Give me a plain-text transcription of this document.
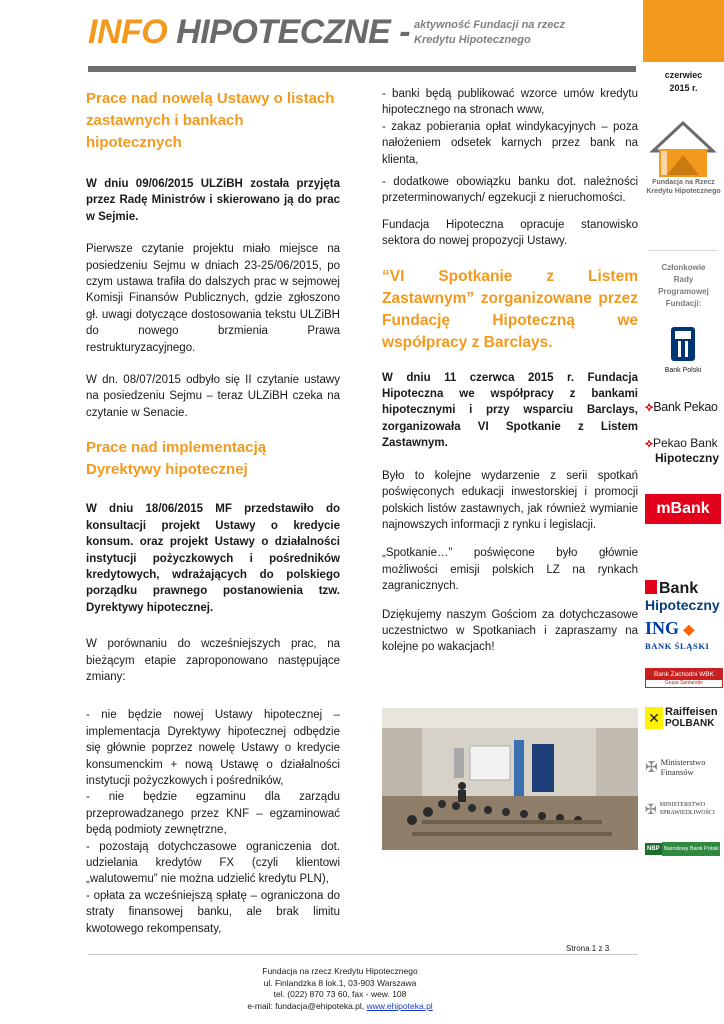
czerwiec
2015 r.
Fundacja na Rzecz
Kredytu Hipotecznego
Członkowie
Rady
Programowej
Fundacji:
Bank Polski
⟡Bank Pekao
⟡Pekao Bank
Hipoteczny
mBank
Bank
Hipoteczny
ING ◆
BANK ŚLĄSKI
Bank Zachodni WBK
Grupa Santander
✕ Raiffeisen
POLBANK
✠ Ministerstwo
Finansów
✠ MINISTERSTWO
SPRAWIEDLIWOŚCI
NBP Narodowy Bank Polski
INFO HIPOTECZNE - aktywność Fundacji na rzecz
Kredytu Hipotecznego

Prace nad nowelą Ustawy o listach zastawnych i bankach hipotecznych

W dniu 09/06/2015 ULZiBH została przyjęta przez Radę Ministrów i skierowano ją do prac w Sejmie.

Pierwsze czytanie projektu miało miejsce na posiedzeniu Sejmu w dniach 23-25/06/2015, po czym ustawa trafiła do dalszych prac w sejmowej Komisji Finansów Publicznych, gdzie zgłoszono gł. uwagi dotyczące dostosowania tekstu ULZiBH do nowego brzmienia Prawa restrukturyzacyjnego.

W dn. 08/07/2015 odbyło się II czytanie ustawy na posiedzeniu Sejmu – teraz ULZiBH czeka na czytanie w Senacie.

Prace nad implementacją Dyrektywy hipotecznej

W dniu 18/06/2015 MF przedstawiło do konsultacji projekt Ustawy o kredycie konsum. oraz projekt Ustawy o działalności instytucji pożyczkowych i pośredników kredytowych, wdrażających do polskiego porządku prawnego postanowienia tzw. Dyrektywy hipotecznej.

W porównaniu do wcześniejszych prac, na bieżącym etapie zaproponowano następujące zmiany:

- nie będzie nowej Ustawy hipotecznej – implementacja Dyrektywy hipotecznej odbędzie się głównie poprzez nowelę Ustawy o kredycie konsumenckim + nową Ustawę o działalności instytucji pożyczkowych i pośredników,

- nie będzie egzaminu dla zarządu przeprowadzanego przez KNF – egzaminować będą podmioty zewnętrzne,

- pozostają dotychczasowe ograniczenia dot. udzielania kredytów FX (czyli klientowi „walutowemu” nie można udzielić kredytu PLN),

- opłata za wcześniejszą spłatę – ograniczona do straty finansowej banku, ale brak limitu kwotowego rekompensaty,

- banki będą publikować wzorce umów kredytu hipotecznego na stronach www,

- zakaz pobierania opłat windykacyjnych – poza nałożeniem odsetek karnych przez bank na klienta,

- dodatkowe obowiązku banku dot. należności przeterminowanych/ egzekucji z nieruchomości.

Fundacja Hipoteczna opracuje stanowisko sektora do nowej propozycji Ustawy.

“VI Spotkanie z Listem Zastawnym” zorganizowane przez Fundację Hipoteczną we współpracy z Barclays.

W dniu 11 czerwca 2015 r. Fundacja Hipoteczna we współpracy z bankami hipotecznymi i przy wsparciu Barclays, zorganizowała VI Spotkanie z Listem Zastawnym.

Było to kolejne wydarzenie z serii spotkań poświęconych edukacji inwestorskiej i promocji polskich listów zastawnych, jak również wymianie najnowszych informacji z rynku i legislacji.

„Spotkanie…” poświęcone było głównie możliwości emisji polskich LZ na rynkach zagranicznych.

Dziękujemy naszym Gościom za dotychczasowe uczestnictwo w Spotkaniach i zapraszamy na kolejne po wakacjach!

Strona 1 z 3
Fundacja na rzecz Kredytu Hipotecznego
ul. Finlandzka 8 lok.1, 03-903 Warszawa
tel. (022) 870 73 60, fax - wew. 108
e-mail: fundacja@ehipoteka.pl, www.ehipoteka.pl
